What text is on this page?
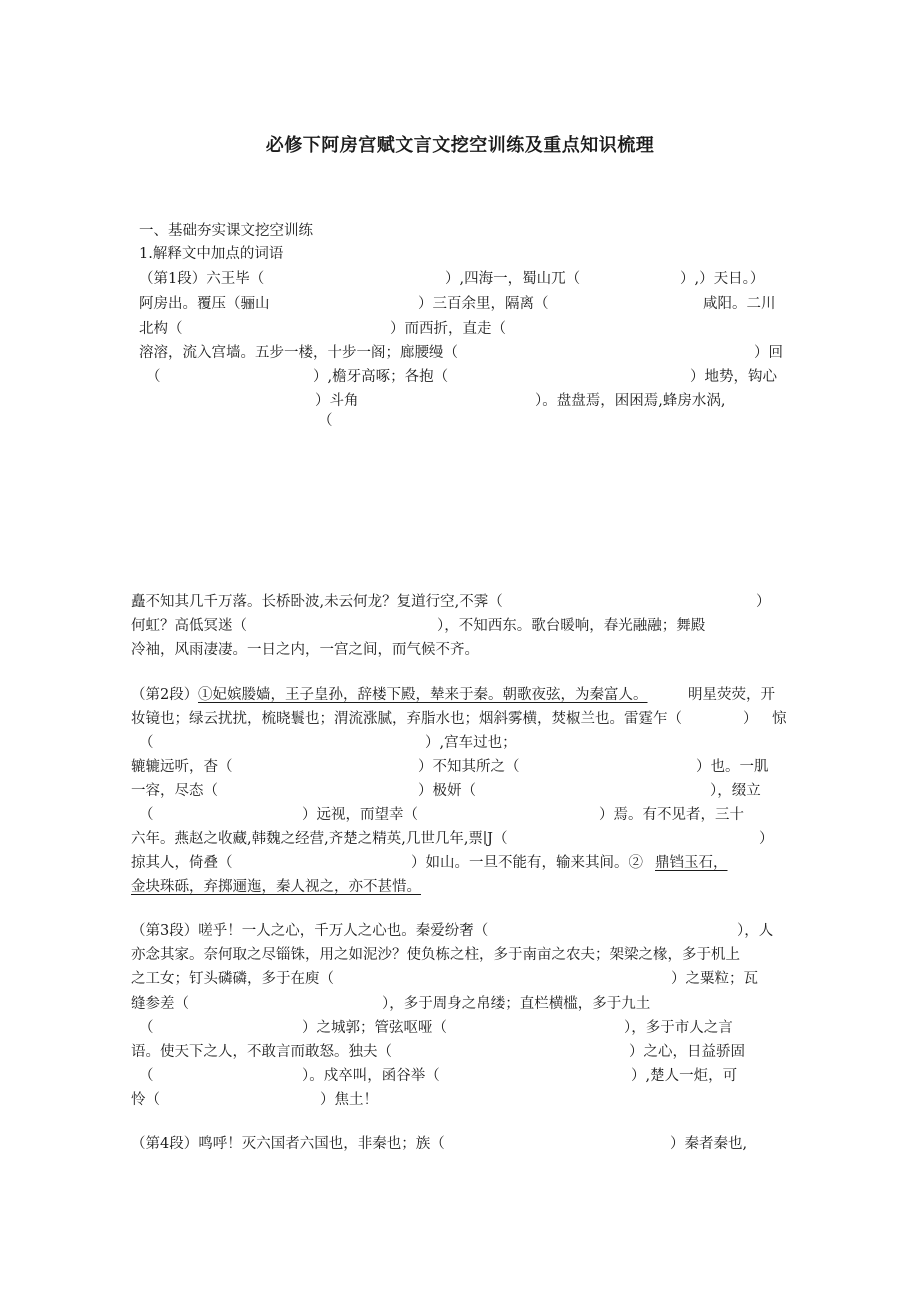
必修下阿房宫赋文言文挖空训练及重点知识梳理
一、基础夯实课文挖空训练
1.解释文中加点的词语
（第1段）六王毕（	）,四海一，蜀山兀（	）,）天日。）
阿房出。覆压（骊山	）三百余里，隔离（	咸阳。二川
北构（	）而西折，直走（
溶溶，流入宫墙。五步一楼，十步一阁；廊腰缦（	）回
（	）,檐牙高啄；各抱（	）地势，钩心
）斗角	）。盘盘焉，困困焉,蜂房水涡,
（
矗不知其几千万落。长桥卧波,未云何龙？复道行空,不霁（	）
何虹？高低冥迷（	），不知西东。歌台暖响，春光融融；舞殿
冷袖，风雨凄凄。一日之内，一宫之间，而气候不齐。
（第2段） ①妃嫔媵嫱，王子皇孙，辞楼下殿，辇来于秦。朝歌夜弦，为秦富人。	明星荧荧，开
妆镜也；绿云扰扰，梳晓鬟也；渭流涨腻，弃脂水也；烟斜雾横，焚椒兰也。雷霆乍（	） 惊
（	）,宫车过也；
辘辘远听，杳（	）不知其所之（	）也。一肌
一容，尽态（	）极妍（	），缀立
（	）远视，而望幸（	）焉。有不见者，三十
六年。燕赵之收藏,韩魏之经营,齐楚之精英,几世几年,票∣J（	）
掠其人，倚叠（	）如山。一旦不能有，输来其间。② 鼎铛玉石，
金块珠砾，弃掷逦迤，秦人视之，亦不甚惜。
（第3段）嗟乎！一人之心，千万人之心也。秦爱纷奢（	），人
亦念其家。奈何取之尽锱铢，用之如泥沙？使负栋之柱，多于南亩之农夫；架梁之椽，多于机上
之工女；钉头磷磷，多于在庾（	）之粟粒；瓦
缝参差（	），多于周身之帛缕；直栏横槛，多于九土
（	）之城郭；管弦呕哑（	），多于市人之言
语。使天下之人，不敢言而敢怒。独夫（	）之心，日益骄固
（	）。戍卒叫，函谷举（	）,楚人一炬，可
怜（	）焦土！
（第4段）鸣呼！灭六国者六国也，非秦也；族（	）秦者秦也,
